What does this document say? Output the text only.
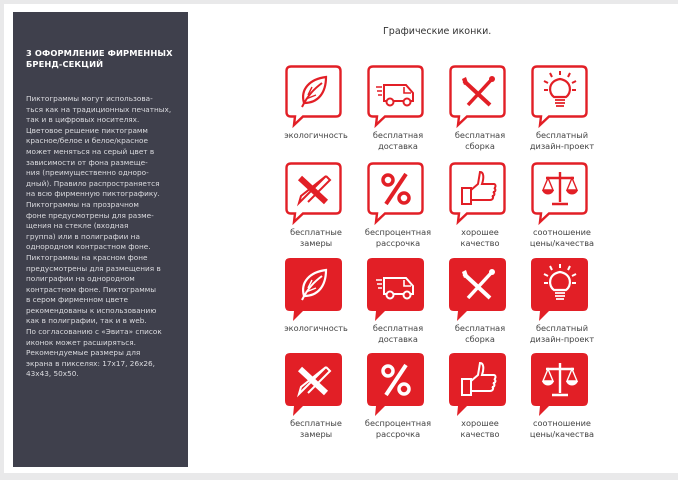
3 ОФОРМЛЕНИЕ ФИРМЕННЫХ
БРЕНД-СЕКЦИЙ

Пиктограммы могут использова-
ться как на традиционных печатных,
так и в цифровых носителях.
Цветовое решение пиктограмм
красное/белое и белое/красное
может меняться на серый цвет в
зависимости от фона размеще-
ния (преимущественно одноро-
дный). Правило распространяется
на всю фирменную пиктографику.
Пиктограммы на прозрачном
фоне предусмотрены для разме-
щения на стекле (входная
группа) или в полиграфии на
однородном контрастном фоне.
Пиктограммы на красном фоне
предусмотрены для размещения в
полиграфии на однородном
контрастном фоне. Пиктограммы
в сером фирменном цвете
рекомендованы к использованию
как в полиграфии, так и в web.
По согласованию с «Эвита» список
иконок может расширяться.
Рекомендуемые размеры для
экрана в пикселях: 17x17, 26x26,
43x43, 50x50.

Графические иконки.
экологичность	бесплатная
доставка
бесплатная
сборка
бесплатный
дизайн-проект
бесплатные
замеры
беспроцентная
рассрочка
хорошее
качество
соотношение
цены/качества
экологичность	бесплатная
доставка
бесплатная
сборка
бесплатный
дизайн-проект
бесплатные
замеры
беспроцентная
рассрочка
хорошее
качество
соотношение
цены/качества
